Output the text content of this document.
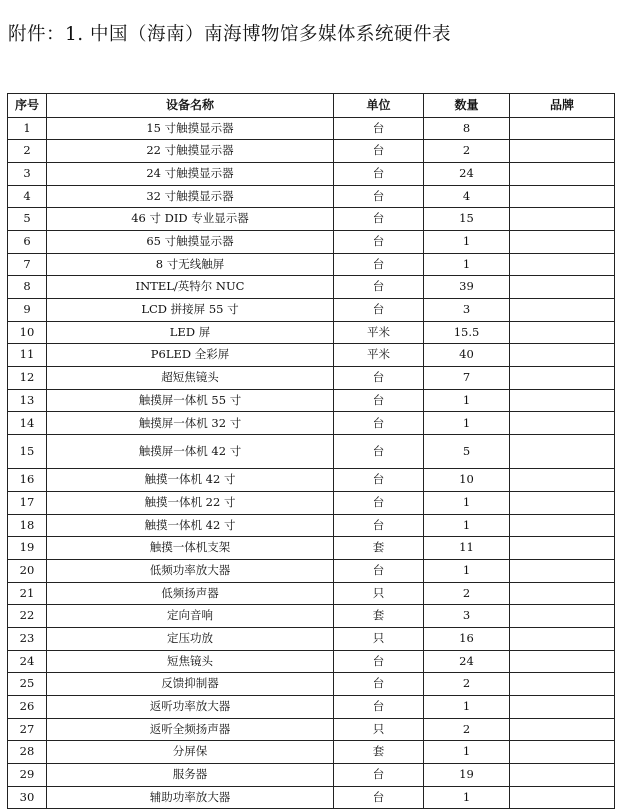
附件：1. 中国（海南）南海博物馆多媒体系统硬件表
序号	设备名称	单位	数量	品牌
1	15 寸触摸显示器	台	8	
2	22 寸触摸显示器	台	2	
3	24 寸触摸显示器	台	24	
4	32 寸触摸显示器	台	4	
5	46 寸 DID 专业显示器	台	15	
6	65 寸触摸显示器	台	1	
7	8 寸无线触屏	台	1	
8	INTEL/英特尔 NUC	台	39	
9	LCD 拼接屏 55 寸	台	3	
10	LED 屏	平米	15.5	
11	P6LED 全彩屏	平米	40	
12	超短焦镜头	台	7	
13	触摸屏一体机 55 寸	台	1	
14	触摸屏一体机 32 寸	台	1	
15	触摸屏一体机 42 寸	台	5	
16	触摸一体机 42 寸	台	10	
17	触摸一体机 22 寸	台	1	
18	触摸一体机 42 寸	台	1	
19	触摸一体机支架	套	11	
20	低频功率放大器	台	1	
21	低频扬声器	只	2	
22	定向音响	套	3	
23	定压功放	只	16	
24	短焦镜头	台	24	
25	反馈抑制器	台	2	
26	返听功率放大器	台	1	
27	返听全频扬声器	只	2	
28	分屏保	套	1	
29	服务器	台	19	
30	辅助功率放大器	台	1	
